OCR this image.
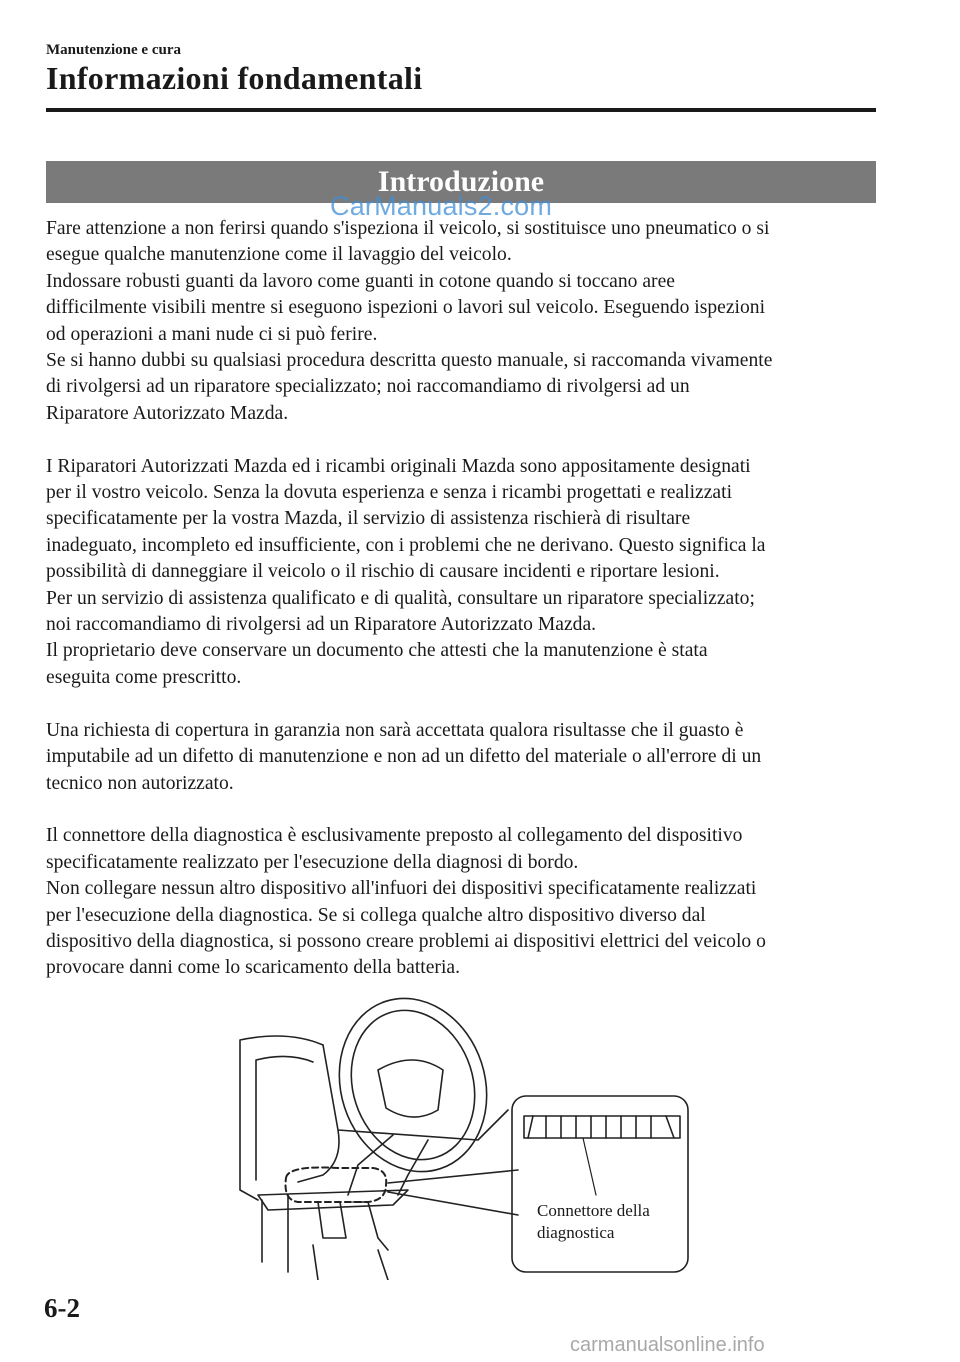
Manutenzione e cura
Informazioni fondamentali
Introduzione
CarManuals2.com

Fare attenzione a non ferirsi quando s'ispeziona il veicolo, si sostituisce uno pneumatico o si
esegue qualche manutenzione come il lavaggio del veicolo.
Indossare robusti guanti da lavoro come guanti in cotone quando si toccano aree
difficilmente visibili mentre si eseguono ispezioni o lavori sul veicolo. Eseguendo ispezioni
od operazioni a mani nude ci si può ferire.
Se si hanno dubbi su qualsiasi procedura descritta questo manuale, si raccomanda vivamente
di rivolgersi ad un riparatore specializzato; noi raccomandiamo di rivolgersi ad un
Riparatore Autorizzato Mazda.

I Riparatori Autorizzati Mazda ed i ricambi originali Mazda sono appositamente designati
per il vostro veicolo. Senza la dovuta esperienza e senza i ricambi progettati e realizzati
specificatamente per la vostra Mazda, il servizio di assistenza rischierà di risultare
inadeguato, incompleto ed insufficiente, con i problemi che ne derivano. Questo significa la
possibilità di danneggiare il veicolo o il rischio di causare incidenti e riportare lesioni.
Per un servizio di assistenza qualificato e di qualità, consultare un riparatore specializzato;
noi raccomandiamo di rivolgersi ad un Riparatore Autorizzato Mazda.
Il proprietario deve conservare un documento che attesti che la manutenzione è stata
eseguita come prescritto.

Una richiesta di copertura in garanzia non sarà accettata qualora risultasse che il guasto è
imputabile ad un difetto di manutenzione e non ad un difetto del materiale o all'errore di un
tecnico non autorizzato.

Il connettore della diagnostica è esclusivamente preposto al collegamento del dispositivo
specificatamente realizzato per l'esecuzione della diagnosi di bordo.
Non collegare nessun altro dispositivo all'infuori dei dispositivi specificatamente realizzati
per l'esecuzione della diagnostica. Se si collega qualche altro dispositivo diverso dal
dispositivo della diagnostica, si possono creare problemi ai dispositivi elettrici del veicolo o
provocare danni come lo scaricamento della batteria.

Connettore della
diagnostica
6-2
carmanualsonline.info
